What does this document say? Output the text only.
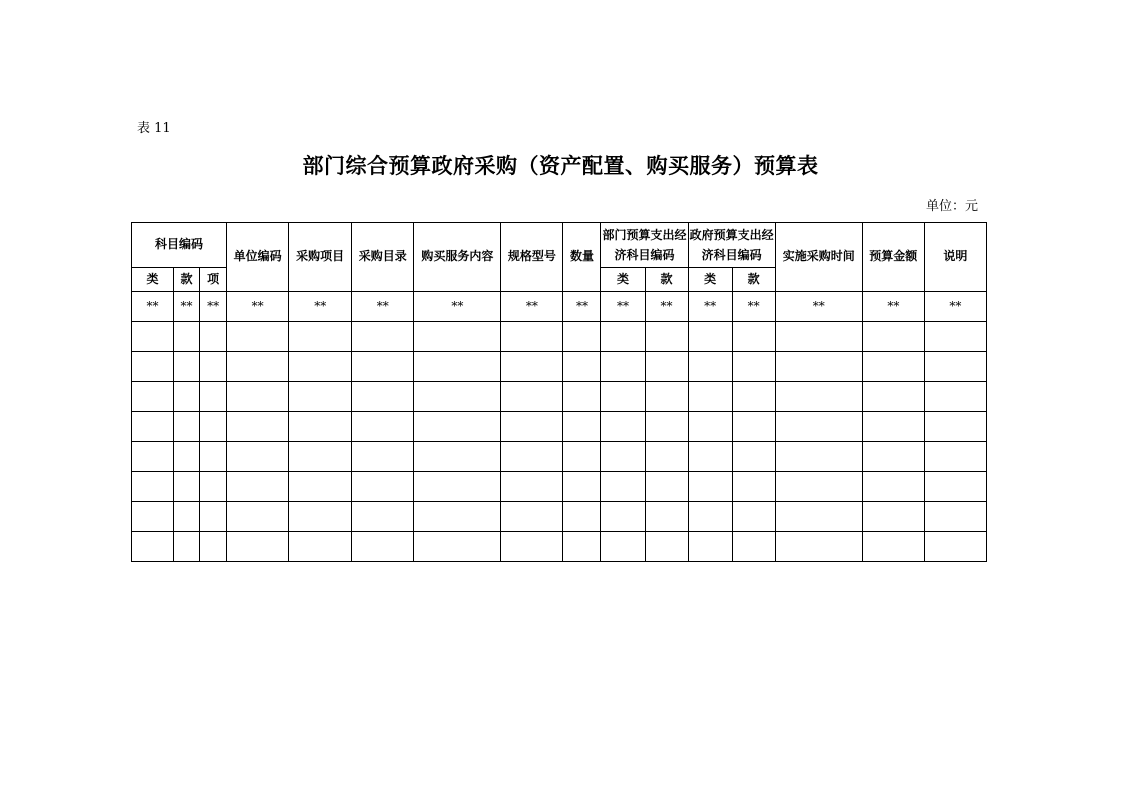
表 11
部门综合预算政府采购（资产配置、购买服务）预算表
单位：元
科目编码			单位编码	采购项目	采购目录	购买服务内容	规格型号	数量	部门预算支出经济科目编码		政府预算支出经济科目编码		实施采购时间	预算金额	说明
类	款	项							类	款	类	款			
**	**	**	**	**	**	**	**	**	**	**	**	**	**	**	**
